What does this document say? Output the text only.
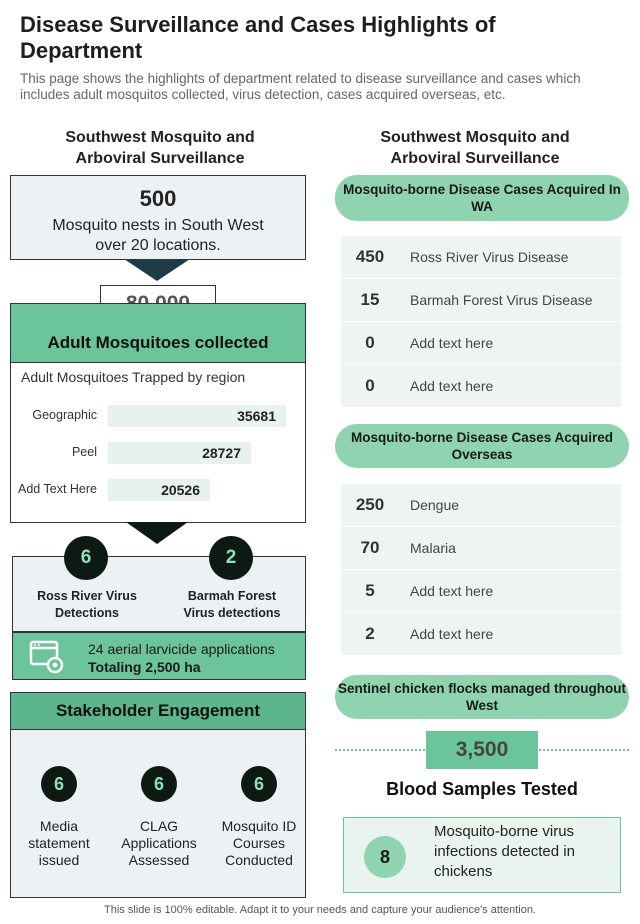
Disease Surveillance and Cases Highlights of Department
This page shows the highlights of department related to disease surveillance and cases which includes adult mosquitos collected, virus detection, cases acquired overseas, etc.
Southwest Mosquito and Arboviral Surveillance
500
Mosquito nests in South West over 20 locations.
Adult Mosquitoes collected
Adult Mosquitoes Trapped by region
Geographic	35681
Peel	28727
Add Text Here	20526
6	2
Ross River Virus Detections
Barmah Forest Virus detections
24 aerial larvicide applications
Totaling 2,500 ha
Stakeholder Engagement
6	6	6
Media statement issued
CLAG Applications Assessed
Mosquito ID Courses Conducted
Southwest Mosquito and Arboviral Surveillance
Mosquito-borne Disease Cases Acquired In WA
450	Ross River Virus Disease
15	Barmah Forest Virus Disease
0	Add text here
0	Add text here
Mosquito-borne Disease Cases Acquired Overseas
250	Dengue
70	Malaria
5	Add text here
2	Add text here
Sentinel chicken flocks managed throughout West
3,500
Blood Samples Tested
8
Mosquito-borne virus infections detected in chickens
This slide is 100% editable. Adapt it to your needs and capture your audience's attention.
